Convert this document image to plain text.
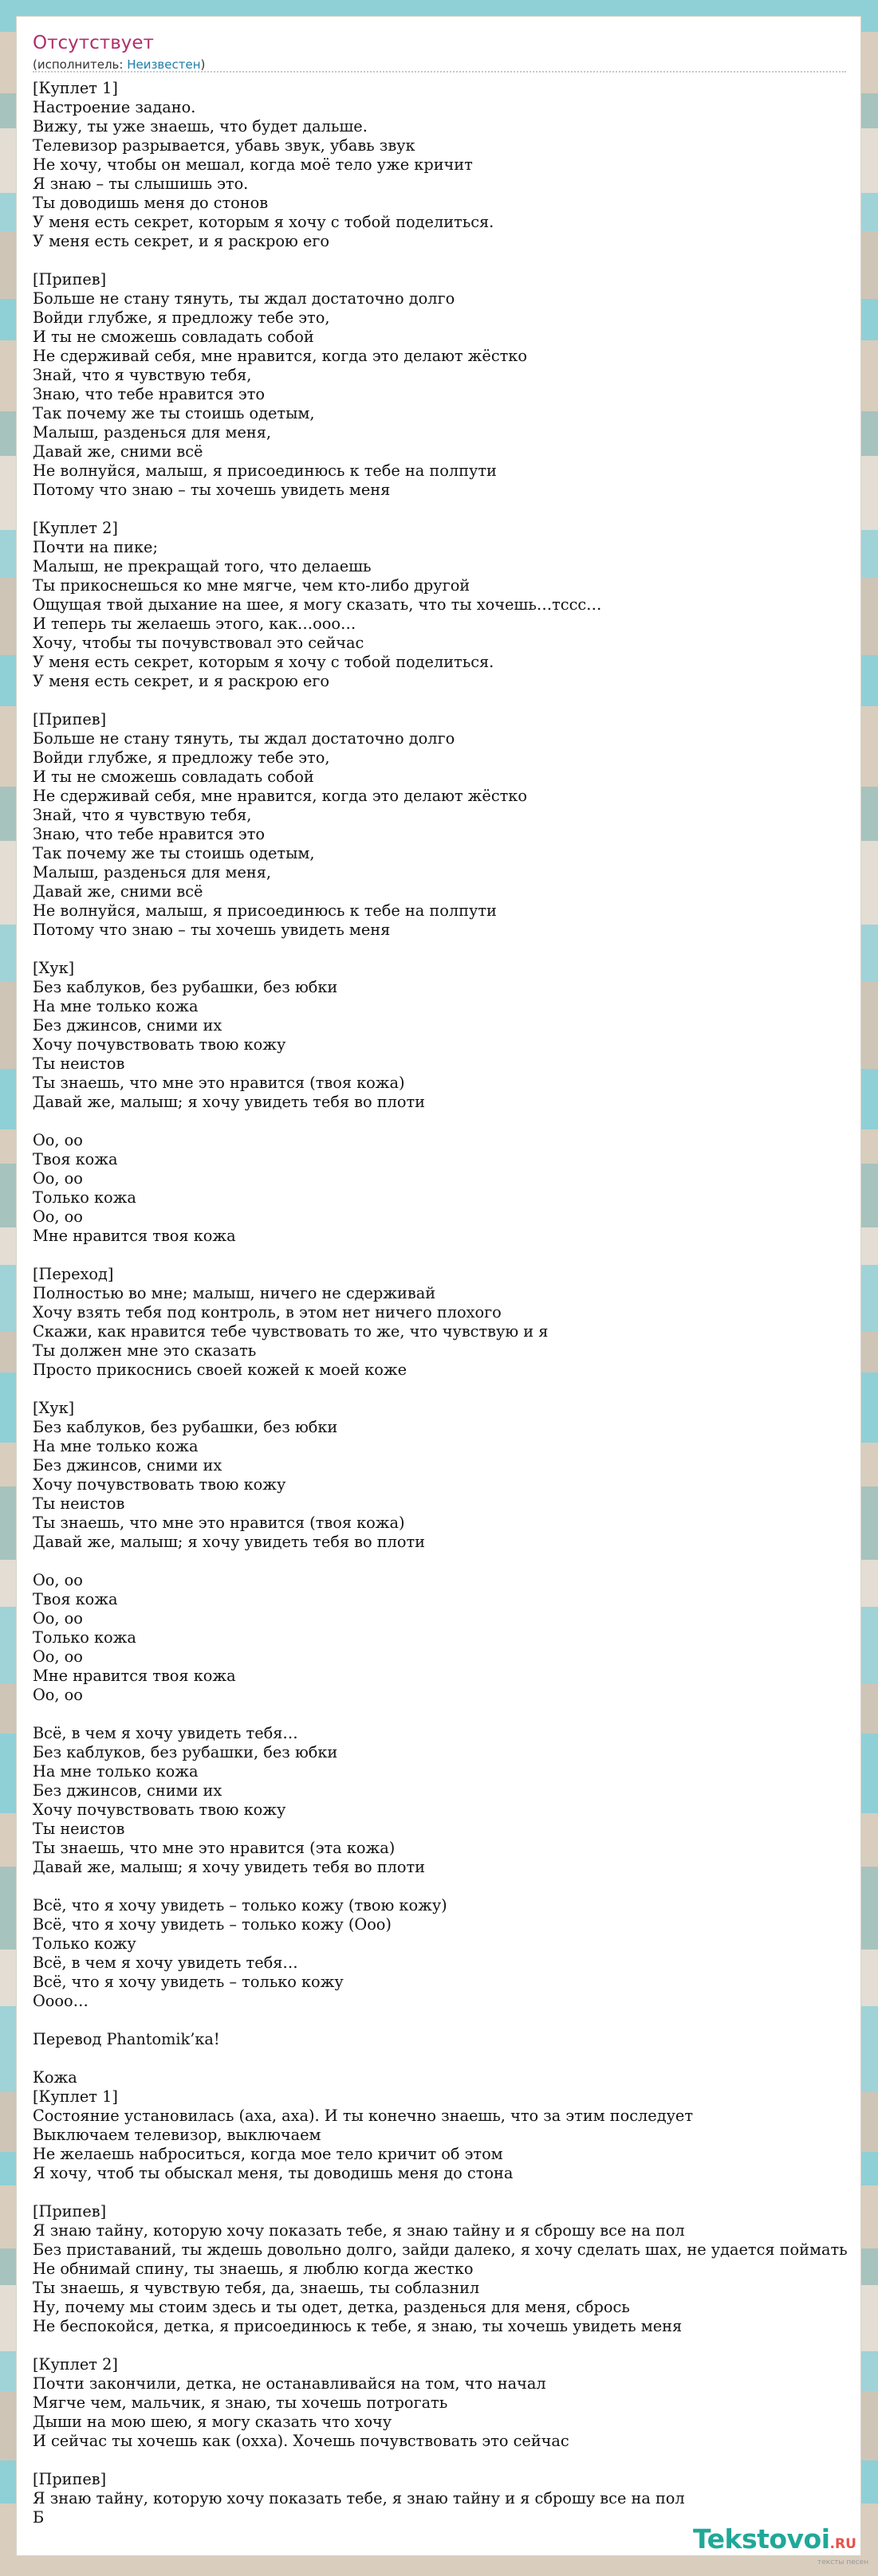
Отсутствует
(исполнитель: Неизвестен)
[Куплет 1]
Настроение задано.
Вижу, ты уже знаешь, что будет дальше.
Телевизор разрывается, убавь звук, убавь звук
Не хочу, чтобы он мешал, когда моё тело уже кричит
Я знаю – ты слышишь это.
Ты доводишь меня до стонов
У меня есть секрет, которым я хочу с тобой поделиться.
У меня есть секрет, и я раскрою его
[Припев]
Больше не стану тянуть, ты ждал достаточно долго
Войди глубже, я предложу тебе это,
И ты не сможешь совладать собой
Не сдерживай себя, мне нравится, когда это делают жёстко
Знай, что я чувствую тебя,
Знаю, что тебе нравится это
Так почему же ты стоишь одетым,
Малыш, разденься для меня,
Давай же, сними всё
Не волнуйся, малыш, я присоединюсь к тебе на полпути
Потому что знаю – ты хочешь увидеть меня
[Куплет 2]
Почти на пике;
Малыш, не прекращай того, что делаешь
Ты прикоснешься ко мне мягче, чем кто-либо другой
Ощущая твой дыхание на шее, я могу сказать, что ты хочешь…тссс…
И теперь ты желаешь этого, как…ооо…
Хочу, чтобы ты почувствовал это сейчас
У меня есть секрет, которым я хочу с тобой поделиться.
У меня есть секрет, и я раскрою его
[Припев]
Больше не стану тянуть, ты ждал достаточно долго
Войди глубже, я предложу тебе это,
И ты не сможешь совладать собой
Не сдерживай себя, мне нравится, когда это делают жёстко
Знай, что я чувствую тебя,
Знаю, что тебе нравится это
Так почему же ты стоишь одетым,
Малыш, разденься для меня,
Давай же, сними всё
Не волнуйся, малыш, я присоединюсь к тебе на полпути
Потому что знаю – ты хочешь увидеть меня
[Хук]
Без каблуков, без рубашки, без юбки
На мне только кожа
Без джинсов, сними их
Хочу почувствовать твою кожу
Ты неистов
Ты знаешь, что мне это нравится (твоя кожа)
Давай же, малыш; я хочу увидеть тебя во плоти
Оо, оо
Твоя кожа
Оо, оо
Только кожа
Оо, оо
Мне нравится твоя кожа
[Переход]
Полностью во мне; малыш, ничего не сдерживай
Хочу взять тебя под контроль, в этом нет ничего плохого
Скажи, как нравится тебе чувствовать то же, что чувствую и я
Ты должен мне это сказать
Просто прикоснись своей кожей к моей коже
[Хук]
Без каблуков, без рубашки, без юбки
На мне только кожа
Без джинсов, сними их
Хочу почувствовать твою кожу
Ты неистов
Ты знаешь, что мне это нравится (твоя кожа)
Давай же, малыш; я хочу увидеть тебя во плоти
Оо, оо
Твоя кожа
Оо, оо
Только кожа
Оо, оо
Мне нравится твоя кожа
Оо, оо
Всё, в чем я хочу увидеть тебя…
Без каблуков, без рубашки, без юбки
На мне только кожа
Без джинсов, сними их
Хочу почувствовать твою кожу
Ты неистов
Ты знаешь, что мне это нравится (эта кожа)
Давай же, малыш; я хочу увидеть тебя во плоти
Всё, что я хочу увидеть – только кожу (твою кожу)
Всё, что я хочу увидеть – только кожу (Ооо)
Только кожу
Всё, в чем я хочу увидеть тебя…
Всё, что я хочу увидеть – только кожу
Оооо…
Перевод Phantomik’ка!
Кожа
[Куплет 1]
Состояние установилась (аха, аха). И ты конечно знаешь, что за этим последует
Выключаем телевизор, выключаем
Не желаешь наброситься, когда мое тело кричит об этом
Я хочу, чтоб ты обыскал меня, ты доводишь меня до стона
[Припев]
Я знаю тайну, которую хочу показать тебе, я знаю тайну и я сброшу все на пол
Без приставаний, ты ждешь довольно долго, зайди далеко, я хочу сделать шах, не удается поймать
Не обнимай спину, ты знаешь, я люблю когда жестко
Ты знаешь, я чувствую тебя, да, знаешь, ты соблазнил
Ну, почему мы стоим здесь и ты одет, детка, разденься для меня, сбрось
Не беспокойся, детка, я присоединюсь к тебе, я знаю, ты хочешь увидеть меня
[Куплет 2]
Почти закончили, детка, не останавливайся на том, что начал
Мягче чем, мальчик, я знаю, ты хочешь потрогать
Дыши на мою шею, я могу сказать что хочу
И сейчас ты хочешь как (охха). Хочешь почувствовать это сейчас
[Припев]
Я знаю тайну, которую хочу показать тебе, я знаю тайну и я сброшу все на пол
Б
Tekstovoi.RU
тексты песен
